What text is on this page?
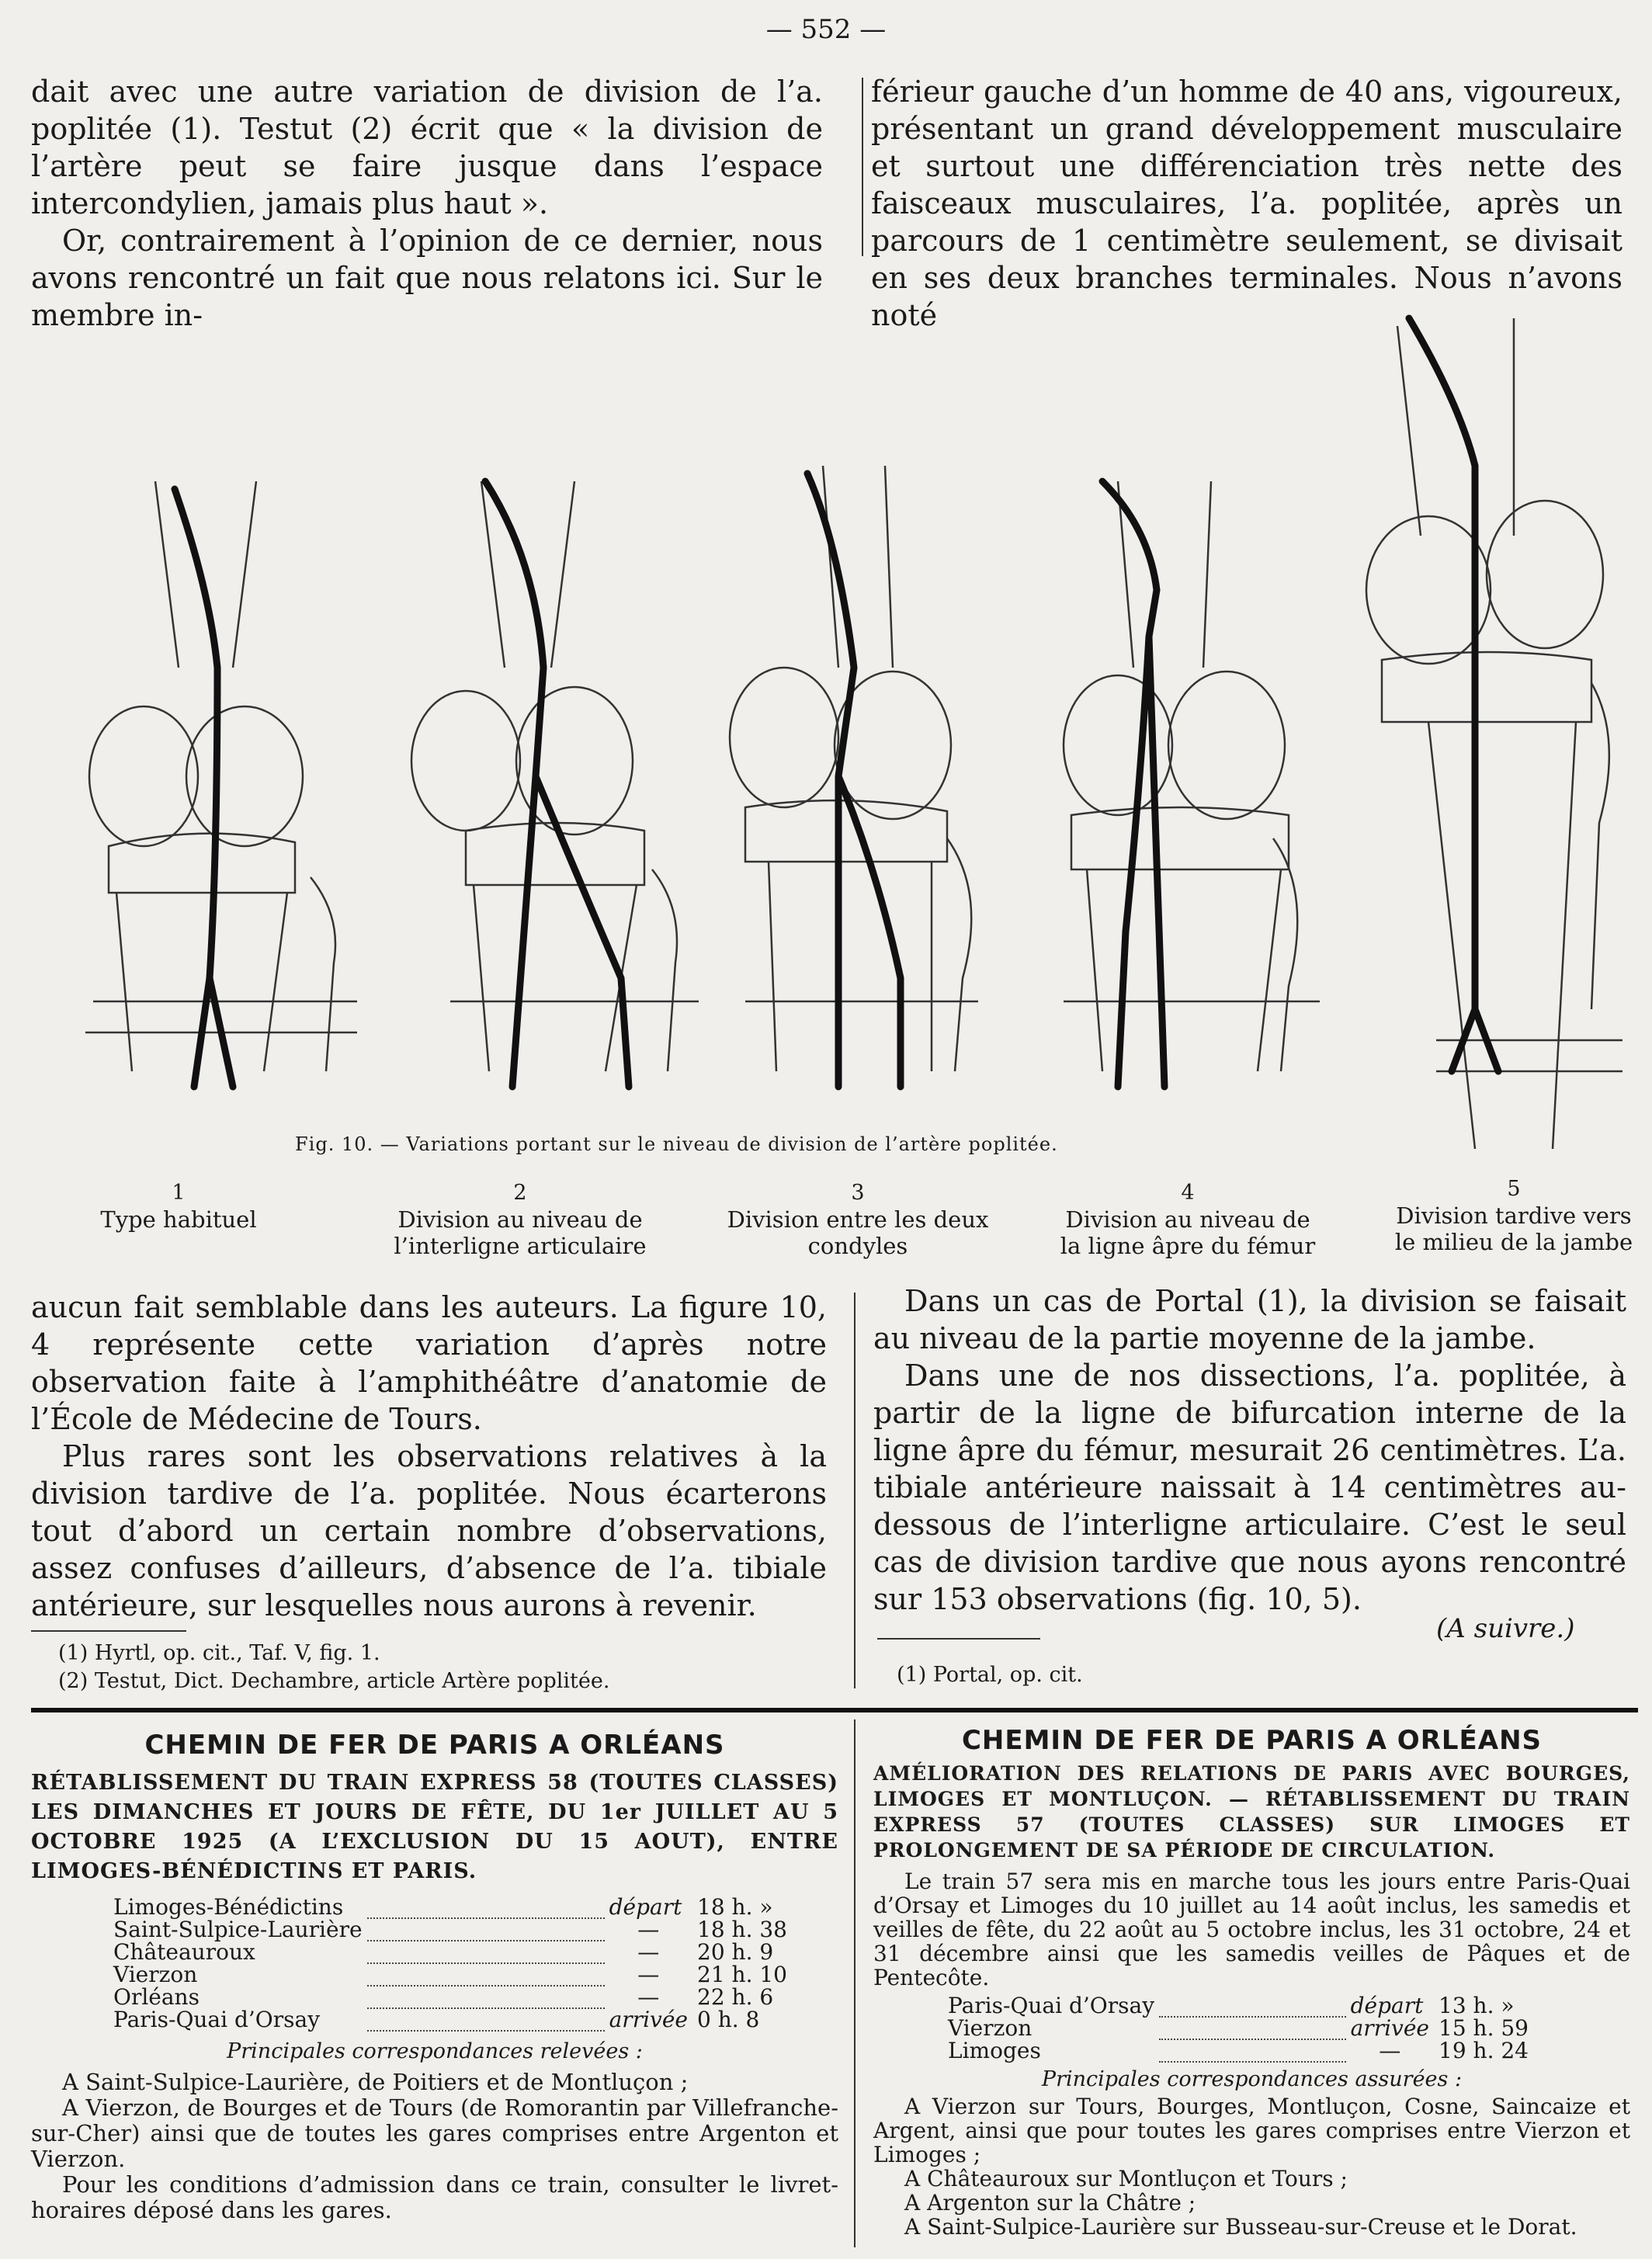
— 552 —

dait avec une autre variation de division de l’a. poplitée (1). Testut (2) écrit que « la division de l’artère peut se faire jusque dans l’espace intercondylien, jamais plus haut ».

Or, contrairement à l’opinion de ce dernier, nous avons rencontré un fait que nous relatons ici. Sur le membre in-

férieur gauche d’un homme de 40 ans, vigoureux, présentant un grand développement musculaire et surtout une différenciation très nette des faisceaux musculaires, l’a. poplitée, après un parcours de 1 centimètre seulement, se divisait en ses deux branches terminales. Nous n’avons noté

Fig. 10. — Variations portant sur le niveau de division de l’artère poplitée.
1
Type habituel
2
Division au niveau de l’interligne articulaire
3
Division entre les deux condyles
4
Division au niveau de la ligne âpre du fémur
5
Division tardive vers le milieu de la jambe

aucun fait semblable dans les auteurs. La figure 10, 4 représente cette variation d’après notre observation faite à l’amphithéâtre d’anatomie de l’École de Médecine de Tours.

Plus rares sont les observations relatives à la division tardive de l’a. poplitée. Nous écarterons tout d’abord un certain nombre d’observations, assez confuses d’ailleurs, d’absence de l’a. tibiale antérieure, sur lesquelles nous aurons à revenir.

(1) Hyrtl, op. cit., Taf. V, fig. 1.
(2) Testut, Dict. Dechambre, article Artère poplitée.

Dans un cas de Portal (1), la division se faisait au niveau de la partie moyenne de la jambe.

Dans une de nos dissections, l’a. poplitée, à partir de la ligne de bifurcation interne de la ligne âpre du fémur, mesurait 26 centimètres. L’a. tibiale antérieure naissait à 14 centimètres au-dessous de l’interligne articulaire. C’est le seul cas de division tardive que nous ayons rencontré sur 153 observations (fig. 10, 5).

(A suivre.)
(1) Portal, op. cit.
CHEMIN DE FER DE PARIS A ORLÉANS
RÉTABLISSEMENT DU TRAIN EXPRESS 58 (TOUTES CLASSES) LES DIMANCHES ET JOURS DE FÊTE, DU 1er JUILLET AU 5 OCTOBRE 1925 (A L’EXCLUSION DU 15 AOUT), ENTRE LIMOGES-BÉNÉDICTINS ET PARIS.
Limoges-Bénédictins		départ	18 h. »
Saint-Sulpice-Laurière		—	18 h. 38
Châteauroux		—	20 h. 9
Vierzon		—	21 h. 10
Orléans		—	22 h. 6
Paris-Quai d’Orsay		arrivée	0 h. 8
Principales correspondances relevées :
A Saint-Sulpice-Laurière, de Poitiers et de Montluçon ;
A Vierzon, de Bourges et de Tours (de Romorantin par Villefranche-sur-Cher) ainsi que de toutes les gares comprises entre Argenton et Vierzon.
Pour les conditions d’admission dans ce train, consulter le livret-horaires déposé dans les gares.
CHEMIN DE FER DE PARIS A ORLÉANS
AMÉLIORATION DES RELATIONS DE PARIS AVEC BOURGES, LIMOGES ET MONTLUÇON. — RÉTABLISSEMENT DU TRAIN EXPRESS 57 (TOUTES CLASSES) SUR LIMOGES ET PROLONGEMENT DE SA PÉRIODE DE CIRCULATION.
Le train 57 sera mis en marche tous les jours entre Paris-Quai d’Orsay et Limoges du 10 juillet au 14 août inclus, les samedis et veilles de fête, du 22 août au 5 octobre inclus, les 31 octobre, 24 et 31 décembre ainsi que les samedis veilles de Pâques et de Pentecôte.
Paris-Quai d’Orsay		départ	13 h. »
Vierzon		arrivée	15 h. 59
Limoges		—	19 h. 24
Principales correspondances assurées :
A Vierzon sur Tours, Bourges, Montluçon, Cosne, Saincaize et Argent, ainsi que pour toutes les gares comprises entre Vierzon et Limoges ;
A Châteauroux sur Montluçon et Tours ;
A Argenton sur la Châtre ;
A Saint-Sulpice-Laurière sur Busseau-sur-Creuse et le Dorat.
